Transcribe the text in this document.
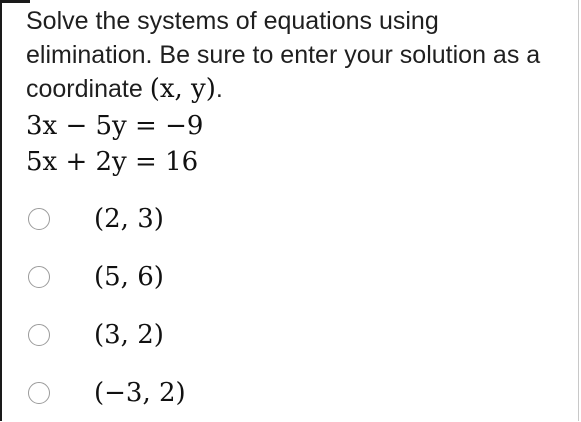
Solve the systems of equations using elimination. Be sure to enter your solution as a coordinate (x, y).
3x − 5y = −9
5x + 2y = 16
(2, 3)
(5, 6)
(3, 2)
(−3, 2)
